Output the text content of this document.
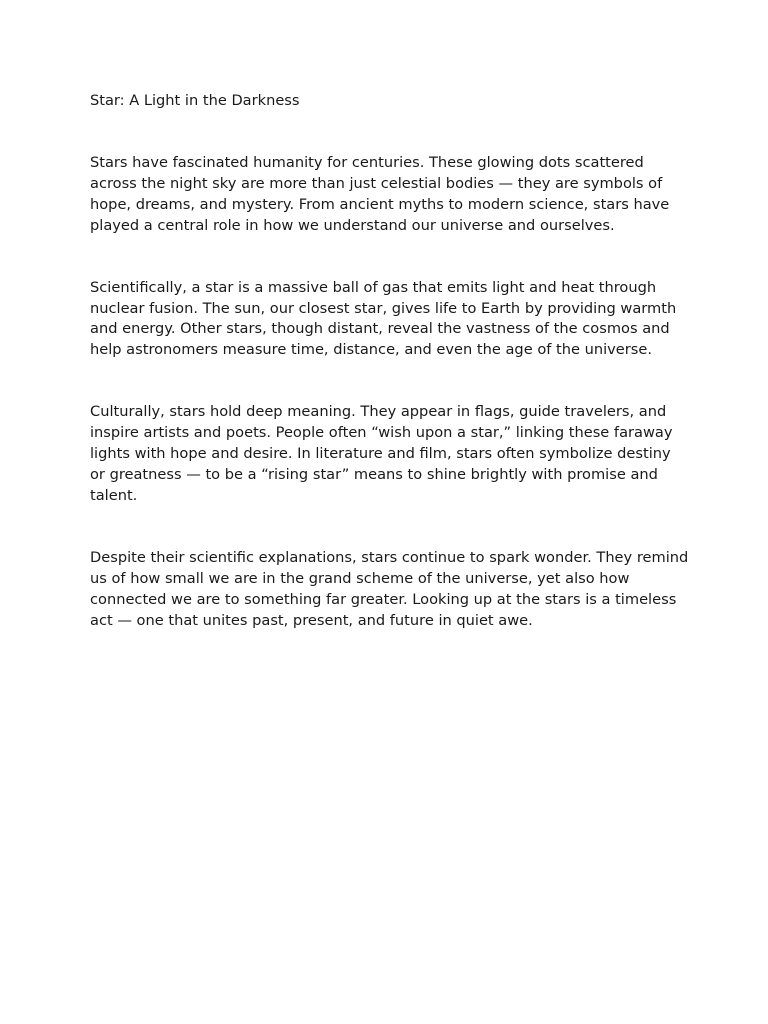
Star: A Light in the Darkness

Stars have fascinated humanity for centuries. These glowing dots scattered across the night sky are more than just celestial bodies — they are symbols of hope, dreams, and mystery. From ancient myths to modern science, stars have played a central role in how we understand our universe and ourselves.

Scientifically, a star is a massive ball of gas that emits light and heat through nuclear fusion. The sun, our closest star, gives life to Earth by providing warmth and energy. Other stars, though distant, reveal the vastness of the cosmos and help astronomers measure time, distance, and even the age of the universe.

Culturally, stars hold deep meaning. They appear in flags, guide travelers, and inspire artists and poets. People often “wish upon a star,” linking these faraway lights with hope and desire. In literature and film, stars often symbolize destiny or greatness — to be a “rising star” means to shine brightly with promise and talent.

Despite their scientific explanations, stars continue to spark wonder. They remind us of how small we are in the grand scheme of the universe, yet also how connected we are to something far greater. Looking up at the stars is a timeless act — one that unites past, present, and future in quiet awe.
